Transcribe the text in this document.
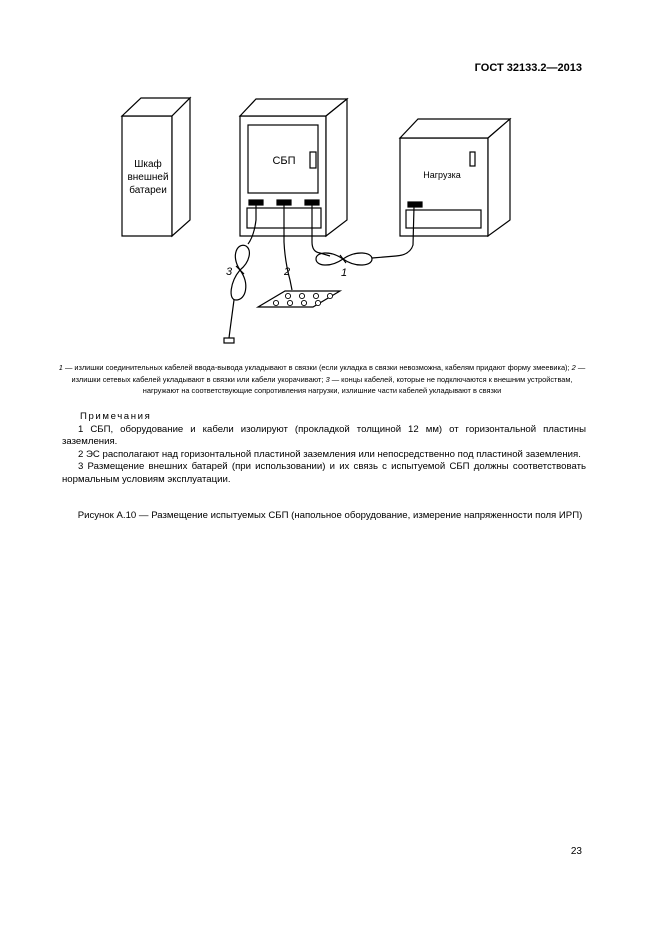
ГОСТ 32133.2—2013
Шкаф
внешней
батареи
СБП
Нагрузка
1
2
3
1 — излишки соединительных кабелей ввода-вывода укладывают в связки (если укладка в связки невозможна, кабелям придают форму змеевика); 2 — излишки сетевых кабелей укладывают в связки или кабели укорачивают; 3 — концы кабелей, которые не подключаются к внешним устройствам, нагружают на соответствующие сопротивления нагрузки, излишние части кабелей укладывают в связки
Примечания
1 СБП, оборудование и кабели изолируют (прокладкой толщиной 12 мм) от горизонтальной пластины заземления.
2 ЭС располагают над горизонтальной пластиной заземления или непосредственно под пластиной заземления.
3 Размещение внешних батарей (при использовании) и их связь с испытуемой СБП должны соответствовать нормальным условиям эксплуатации.
Рисунок А.10 — Размещение испытуемых СБП (напольное оборудование, измерение напряженности поля ИРП)
23
